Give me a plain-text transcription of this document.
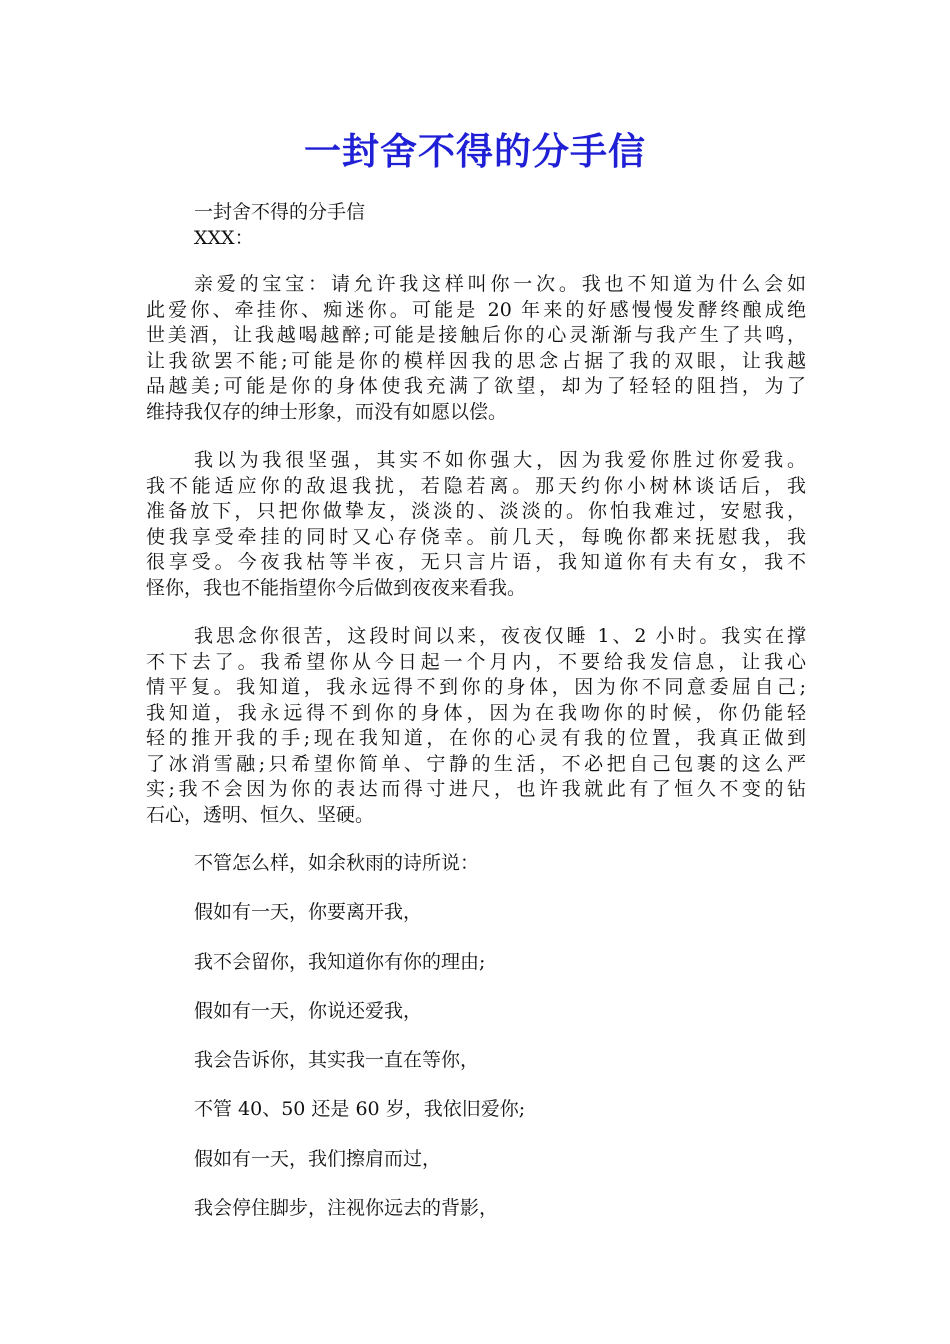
一封舍不得的分手信
一封舍不得的分手信
XXX：
亲爱的宝宝：请允许我这样叫你一次。我也不知道为什么会如
此爱你、牵挂你、痴迷你。可能是 20 年来的好感慢慢发酵终酿成绝
世美酒，让我越喝越醉;可能是接触后你的心灵渐渐与我产生了共鸣，
让我欲罢不能;可能是你的模样因我的思念占据了我的双眼，让我越
品越美;可能是你的身体使我充满了欲望，却为了轻轻的阻挡，为了
维持我仅存的绅士形象，而没有如愿以偿。
我以为我很坚强，其实不如你强大，因为我爱你胜过你爱我。
我不能适应你的敌退我扰，若隐若离。那天约你小树林谈话后，我
准备放下，只把你做挚友，淡淡的、淡淡的。你怕我难过，安慰我，
使我享受牵挂的同时又心存侥幸。前几天，每晚你都来抚慰我，我
很享受。今夜我枯等半夜，无只言片语，我知道你有夫有女，我不
怪你，我也不能指望你今后做到夜夜来看我。
我思念你很苦，这段时间以来，夜夜仅睡 1、2 小时。我实在撑
不下去了。我希望你从今日起一个月内，不要给我发信息，让我心
情平复。我知道，我永远得不到你的身体，因为你不同意委屈自己;
我知道，我永远得不到你的身体，因为在我吻你的时候，你仍能轻
轻的推开我的手;现在我知道，在你的心灵有我的位置，我真正做到
了冰消雪融;只希望你简单、宁静的生活，不必把自己包裹的这么严
实;我不会因为你的表达而得寸进尺，也许我就此有了恒久不变的钻
石心，透明、恒久、坚硬。
不管怎么样，如余秋雨的诗所说：
假如有一天，你要离开我，
我不会留你，我知道你有你的理由;
假如有一天，你说还爱我，
我会告诉你，其实我一直在等你，
不管 40、50 还是 60 岁，我依旧爱你;
假如有一天，我们擦肩而过，
我会停住脚步，注视你远去的背影，
